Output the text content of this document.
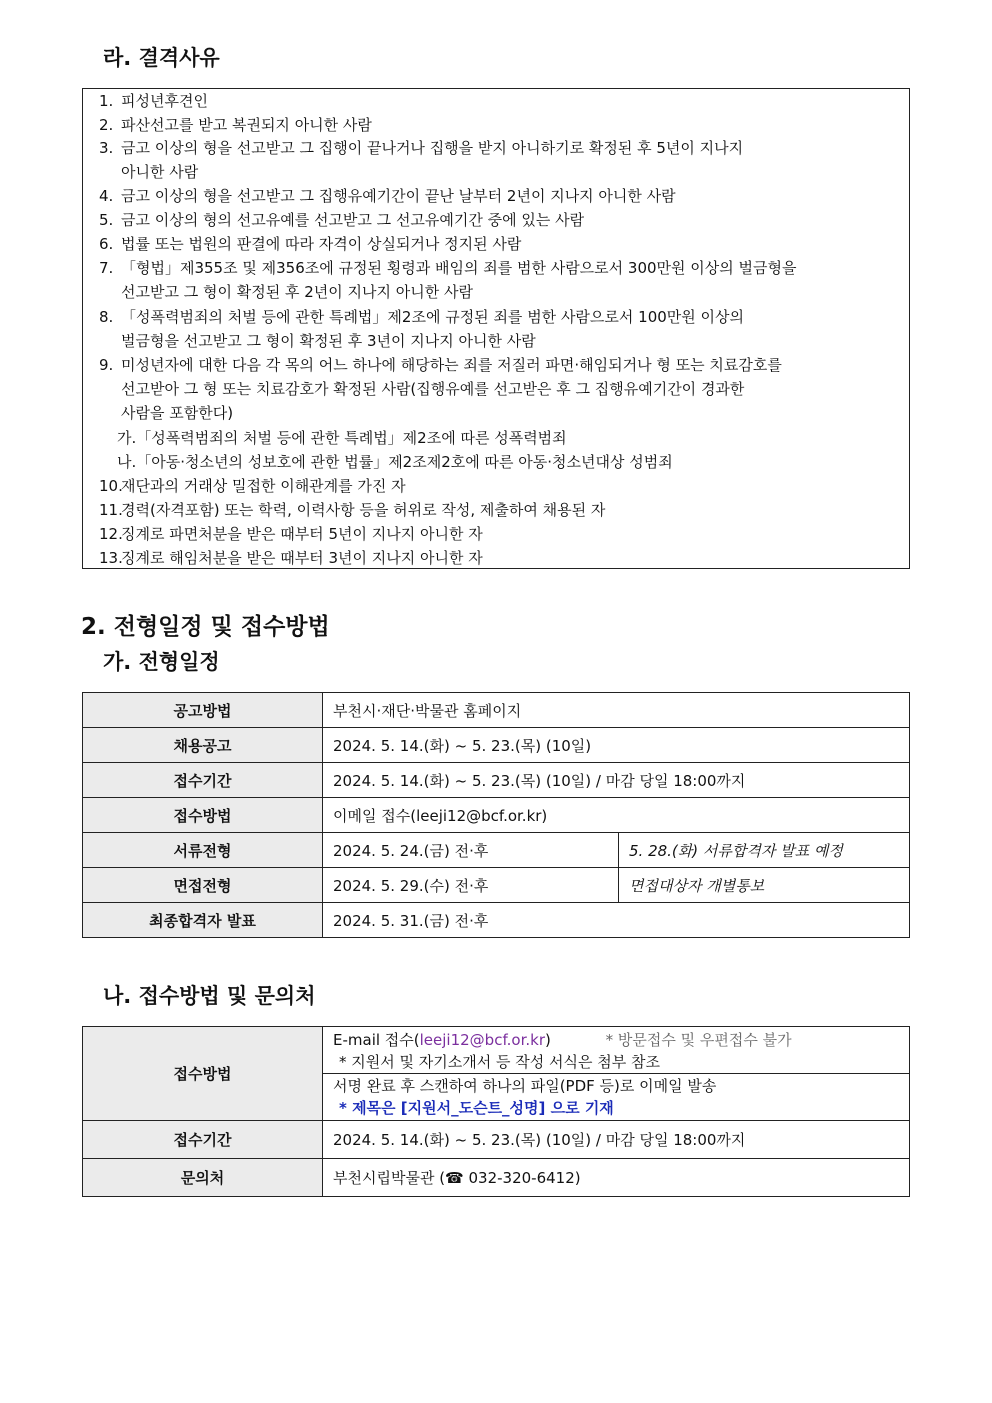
라. 결격사유
1. 피성년후견인
2. 파산선고를 받고 복권되지 아니한 사람
3. 금고 이상의 형을 선고받고 그 집행이 끝나거나 집행을 받지 아니하기로 확정된 후 5년이 지나지
아니한 사람
4. 금고 이상의 형을 선고받고 그 집행유예기간이 끝난 날부터 2년이 지나지 아니한 사람
5. 금고 이상의 형의 선고유예를 선고받고 그 선고유예기간 중에 있는 사람
6. 법률 또는 법원의 판결에 따라 자격이 상실되거나 정지된 사람
7. 「형법」제355조 및 제356조에 규정된 횡령과 배임의 죄를 범한 사람으로서 300만원 이상의 벌금형을
선고받고 그 형이 확정된 후 2년이 지나지 아니한 사람
8. 「성폭력범죄의 처벌 등에 관한 특례법」제2조에 규정된 죄를 범한 사람으로서 100만원 이상의
벌금형을 선고받고 그 형이 확정된 후 3년이 지나지 아니한 사람
9. 미성년자에 대한 다음 각 목의 어느 하나에 해당하는 죄를 저질러 파면·해임되거나 형 또는 치료감호를
선고받아 그 형 또는 치료감호가 확정된 사람(집행유예를 선고받은 후 그 집행유예기간이 경과한
사람을 포함한다)
가.「성폭력범죄의 처벌 등에 관한 특례법」제2조에 따른 성폭력범죄
나.「아동·청소년의 성보호에 관한 법률」제2조제2호에 따른 아동·청소년대상 성범죄
10.
재단과의 거래상 밀접한 이해관계를 가진 자
11.
경력(자격포함) 또는 학력, 이력사항 등을 허위로 작성, 제출하여 채용된 자
12.
징계로 파면처분을 받은 때부터 5년이 지나지 아니한 자
13.
징계로 해임처분을 받은 때부터 3년이 지나지 아니한 자
2. 전형일정 및 접수방법
가. 전형일정
공고방법	부천시·재단·박물관 홈페이지	
채용공고	2024. 5. 14.(화) ~ 5. 23.(목) (10일)	
접수기간	2024. 5. 14.(화) ~ 5. 23.(목) (10일) / 마감 당일 18:00까지	
접수방법	이메일 접수(leeji12@bcf.or.kr)	
서류전형	2024. 5. 24.(금) 전·후	5. 28.(화) 서류합격자 발표 예정
면접전형	2024. 5. 29.(수) 전·후	면접대상자 개별통보
최종합격자 발표	2024. 5. 31.(금) 전·후	
나. 접수방법 및 문의처
접수방법	E-mail 접수(leeji12@bcf.or.kr) * 방문접수 및 우편접수 불가
* 지원서 및 자기소개서 등 작성 서식은 첨부 참조

	서명 완료 후 스캔하여 하나의 파일(PDF 등)로 이메일 발송
* 제목은 [지원서_도슨트_성명] 으로 기재

접수기간	2024. 5. 14.(화) ~ 5. 23.(목) (10일) / 마감 당일 18:00까지
문의처	부천시립박물관 (☎ 032-320-6412)
